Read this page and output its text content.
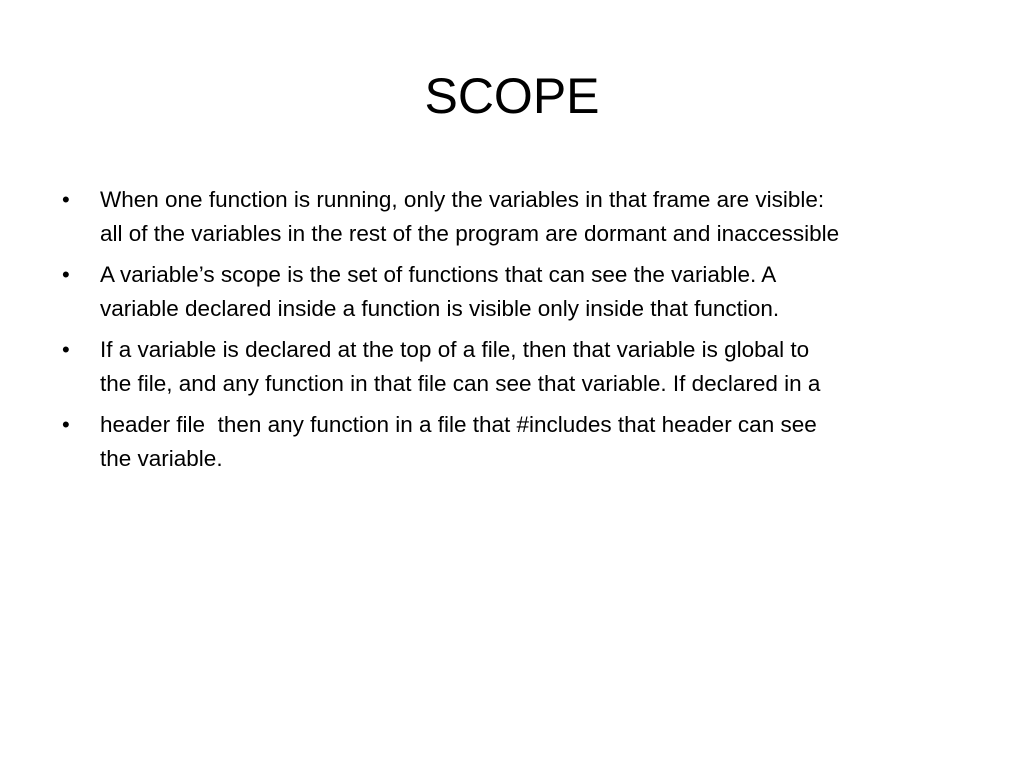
SCOPE
•	When one function is running, only the variables in that frame are visible:
all of the variables in the rest of the program are dormant and inaccessible
•	A variable’s scope is the set of functions that can see the variable. A
variable declared inside a function is visible only inside that function.
•	If a variable is declared at the top of a file, then that variable is global to
the file, and any function in that file can see that variable. If declared in a
•	header file  then any function in a file that #includes that header can see
the variable.
